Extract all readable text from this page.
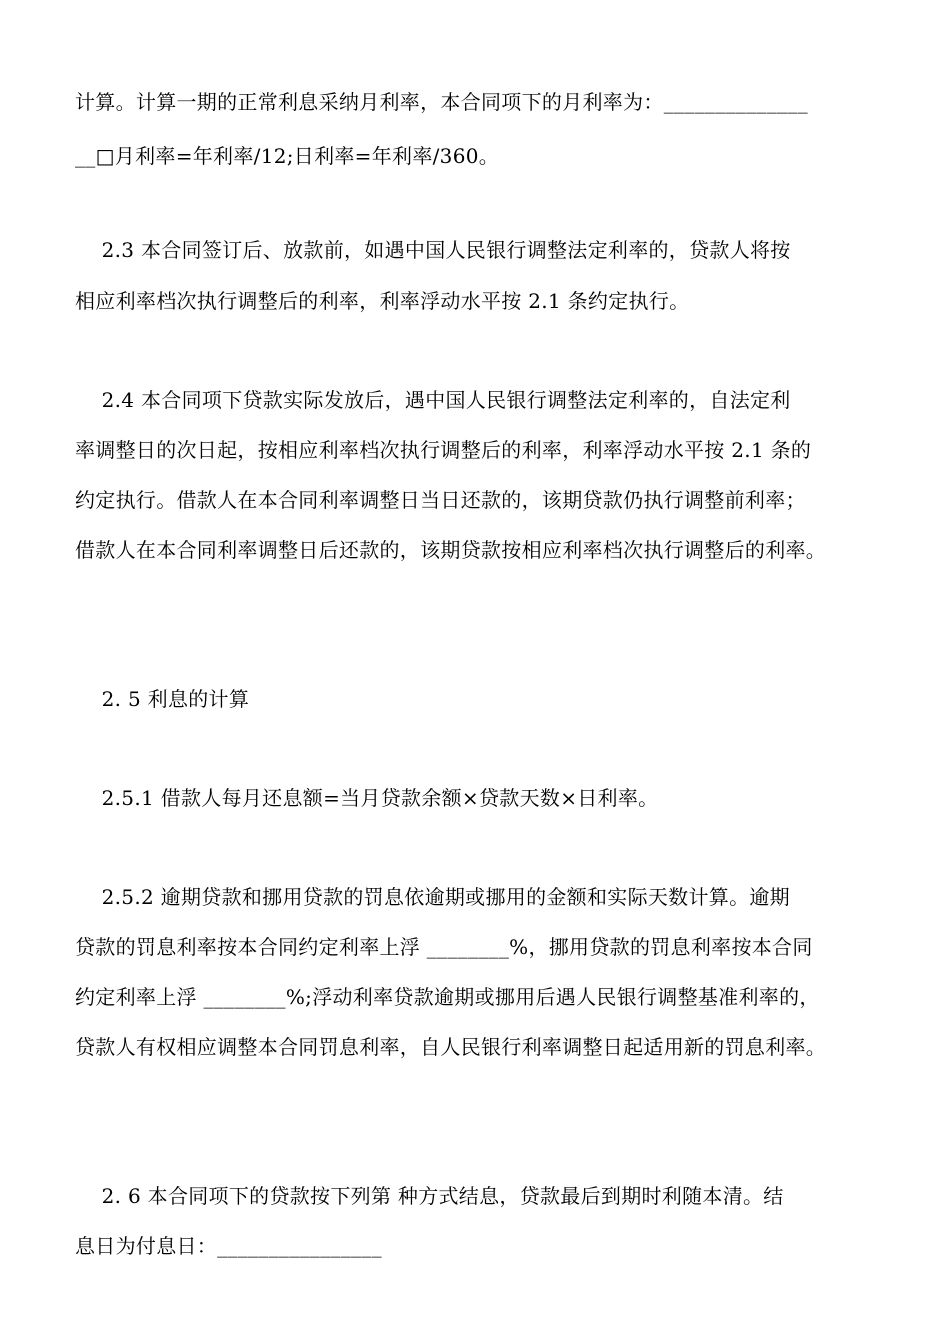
计算。计算一期的正常利息采纳月利率，本合同项下的月利率为：______________
__□月利率=年利率/12;日利率=年利率/360。
2.3 本合同签订后、放款前，如遇中国人民银行调整法定利率的，贷款人将按
相应利率档次执行调整后的利率，利率浮动水平按 2.1 条约定执行。
2.4 本合同项下贷款实际发放后，遇中国人民银行调整法定利率的，自法定利
率调整日的次日起，按相应利率档次执行调整后的利率，利率浮动水平按 2.1 条的
约定执行。借款人在本合同利率调整日当日还款的，该期贷款仍执行调整前利率；
借款人在本合同利率调整日后还款的，该期贷款按相应利率档次执行调整后的利率。
2. 5 利息的计算
2.5.1 借款人每月还息额=当月贷款余额×贷款天数×日利率。
2.5.2 逾期贷款和挪用贷款的罚息依逾期或挪用的金额和实际天数计算。逾期
贷款的罚息利率按本合同约定利率上浮 ________%，挪用贷款的罚息利率按本合同
约定利率上浮 ________%;浮动利率贷款逾期或挪用后遇人民银行调整基准利率的，
贷款人有权相应调整本合同罚息利率，自人民银行利率调整日起适用新的罚息利率。
2. 6 本合同项下的贷款按下列第 种方式结息，贷款最后到期时利随本清。结
息日为付息日：________________
